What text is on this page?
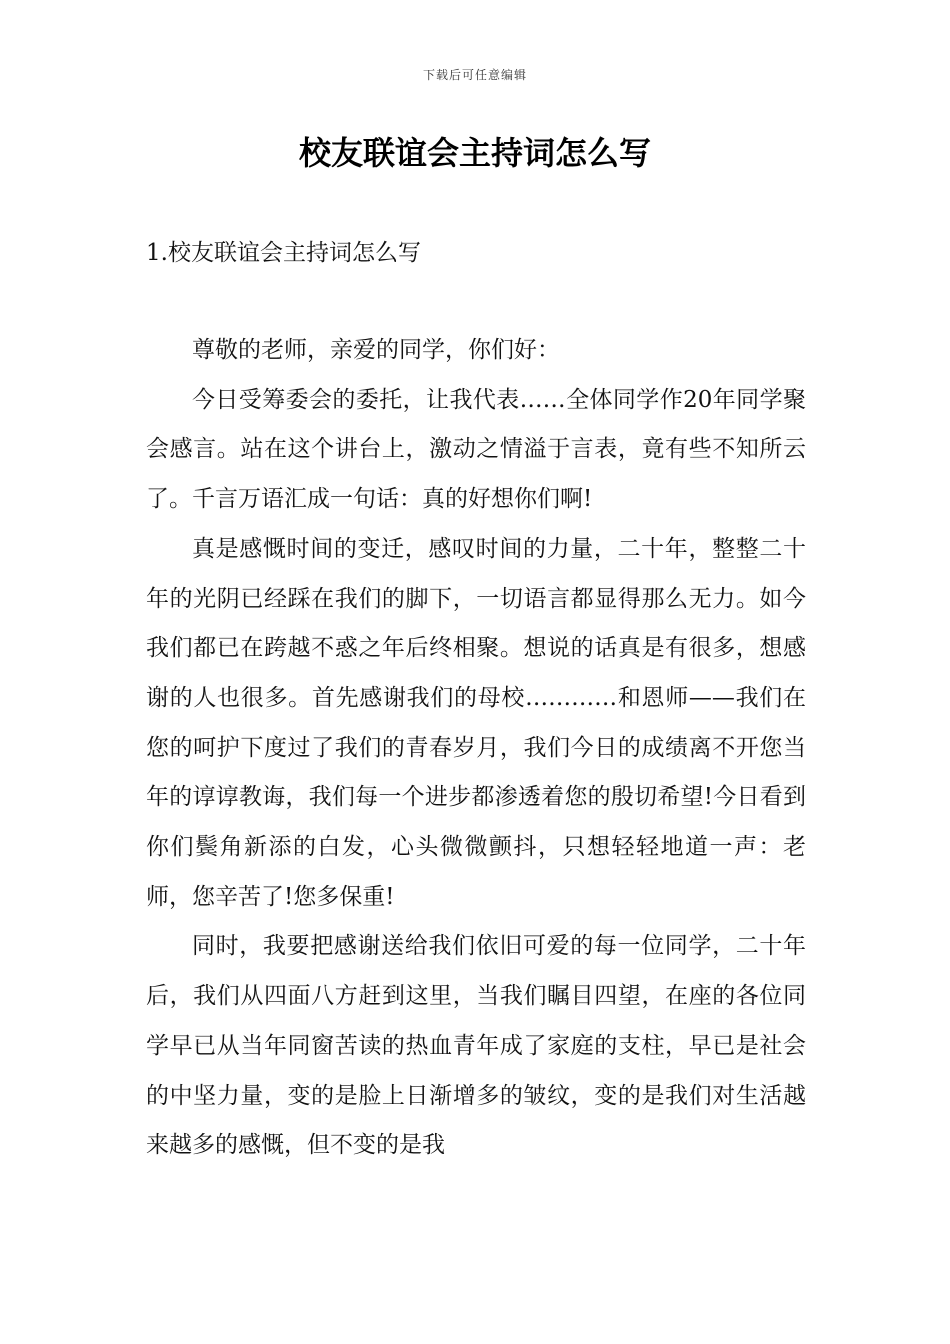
下载后可任意编辑
校友联谊会主持词怎么写
1.校友联谊会主持词怎么写

尊敬的老师，亲爱的同学，你们好：

今日受筹委会的委托，让我代表……全体同学作20年同学聚会感言。站在这个讲台上，激动之情溢于言表，竟有些不知所云了。千言万语汇成一句话：真的好想你们啊!

真是感慨时间的变迁，感叹时间的力量，二十年，整整二十年的光阴已经踩在我们的脚下，一切语言都显得那么无力。如今我们都已在跨越不惑之年后终相聚。想说的话真是有很多，想感谢的人也很多。首先感谢我们的母校…………和恩师——我们在您的呵护下度过了我们的青春岁月，我们今日的成绩离不开您当年的谆谆教诲，我们每一个进步都渗透着您的殷切希望!今日看到你们鬓角新添的白发，心头微微颤抖，只想轻轻地道一声：老师，您辛苦了!您多保重!

同时，我要把感谢送给我们依旧可爱的每一位同学，二十年后，我们从四面八方赶到这里，当我们瞩目四望，在座的各位同学早已从当年同窗苦读的热血青年成了家庭的支柱，早已是社会的中坚力量，变的是脸上日渐增多的皱纹，变的是我们对生活越来越多的感慨，但不变的是我
